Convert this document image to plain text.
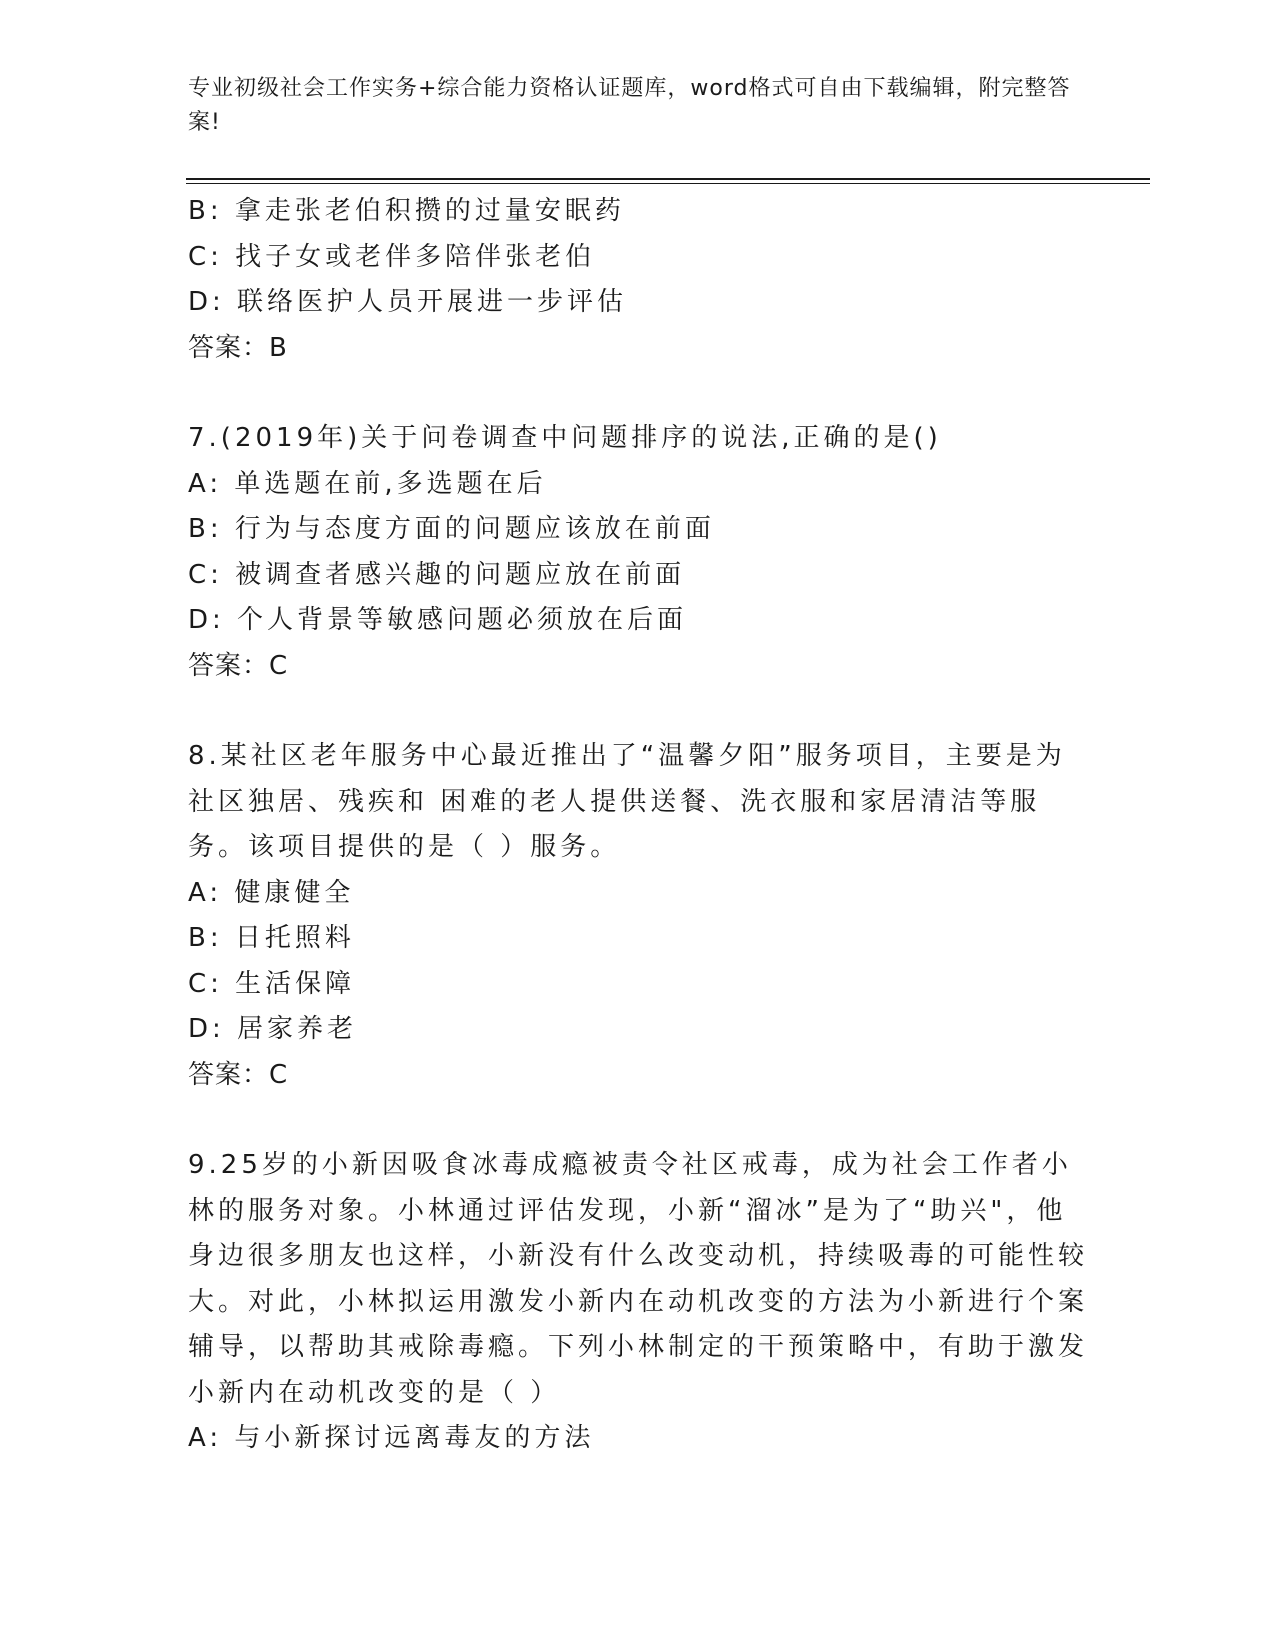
专业初级社会工作实务+综合能力资格认证题库，word格式可自由下载编辑，附完整答案!
B: 拿走张老伯积攒的过量安眠药
C: 找子女或老伴多陪伴张老伯
D: 联络医护人员开展进一步评估
答案：B
7.(2019年)关于问卷调查中问题排序的说法,正确的是()
A: 单选题在前,多选题在后
B: 行为与态度方面的问题应该放在前面
C: 被调查者感兴趣的问题应放在前面
D: 个人背景等敏感问题必须放在后面
答案：C
8.某社区老年服务中心最近推出了“温馨夕阳”服务项目，主要是为社区独居、残疾和 困难的老人提供送餐、洗衣服和家居清洁等服务。该项目提供的是（ ）服务。
A: 健康健全
B: 日托照料
C: 生活保障
D: 居家养老
答案：C
9.25岁的小新因吸食冰毒成瘾被责令社区戒毒，成为社会工作者小林的服务对象。小林通过评估发现，小新“溜冰”是为了“助兴"，他身边很多朋友也这样，小新没有什么改变动机，持续吸毒的可能性较大。对此，小林拟运用激发小新内在动机改变的方法为小新进行个案辅导，以帮助其戒除毒瘾。下列小林制定的干预策略中，有助于激发小新内在动机改变的是（ ）
A: 与小新探讨远离毒友的方法
